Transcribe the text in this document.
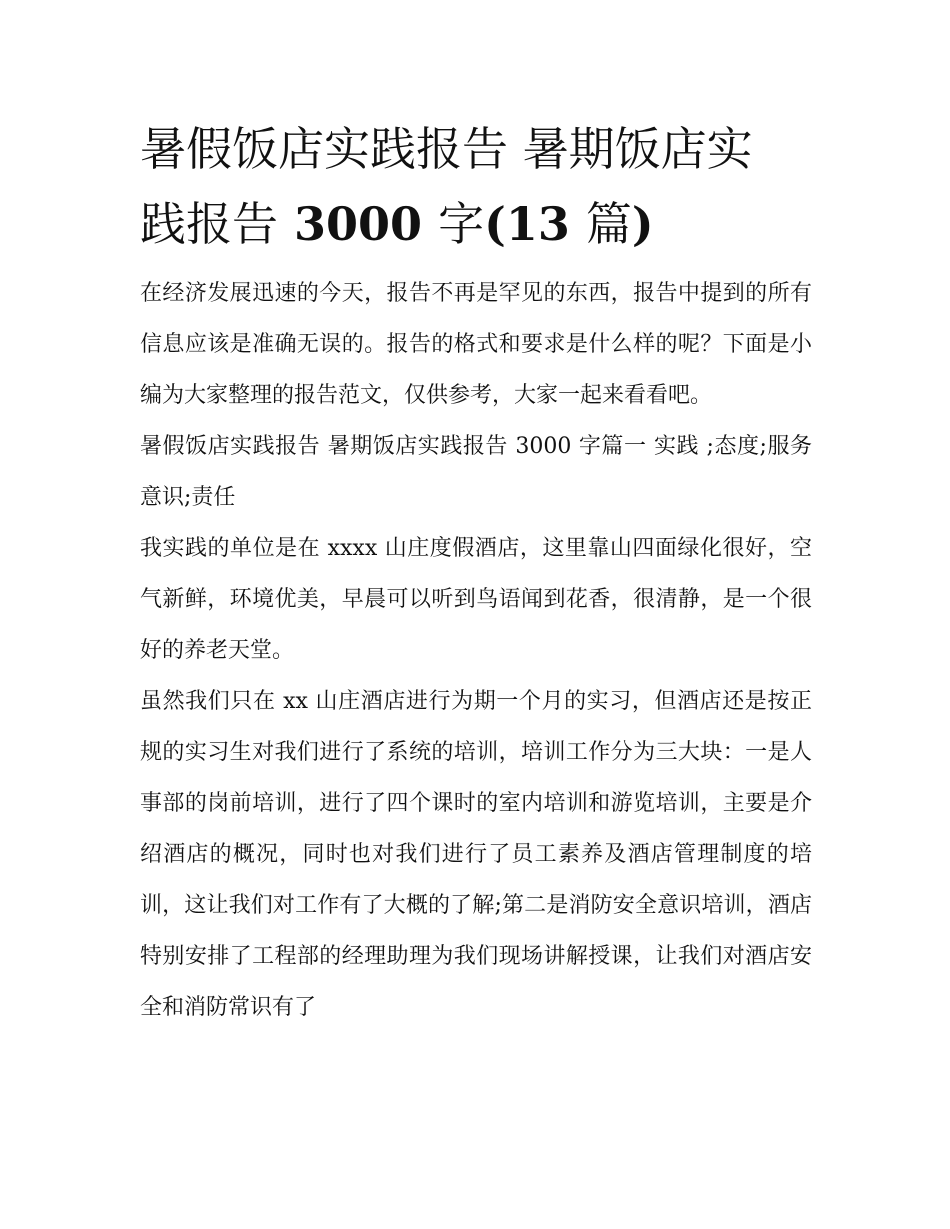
暑假饭店实践报告 暑期饭店实
践报告 3000 字(13 篇)

在经济发展迅速的今天，报告不再是罕见的东西，报告中提到的所有信息应该是准确无误的。报告的格式和要求是什么样的呢？下面是小编为大家整理的报告范文，仅供参考，大家一起来看看吧。

暑假饭店实践报告 暑期饭店实践报告 3000 字篇一 实践 ;态度;服务意识;责任

我实践的单位是在 xxxx 山庄度假酒店，这里靠山四面绿化很好，空气新鲜，环境优美，早晨可以听到鸟语闻到花香，很清静，是一个很好的养老天堂。

虽然我们只在 xx 山庄酒店进行为期一个月的实习，但酒店还是按正规的实习生对我们进行了系统的培训，培训工作分为三大块：一是人事部的岗前培训，进行了四个课时的室内培训和游览培训，主要是介绍酒店的概况，同时也对我们进行了员工素养及酒店管理制度的培训，这让我们对工作有了大概的了解;第二是消防安全意识培训，酒店特别安排了工程部的经理助理为我们现场讲解授课，让我们对酒店安全和消防常识有了
